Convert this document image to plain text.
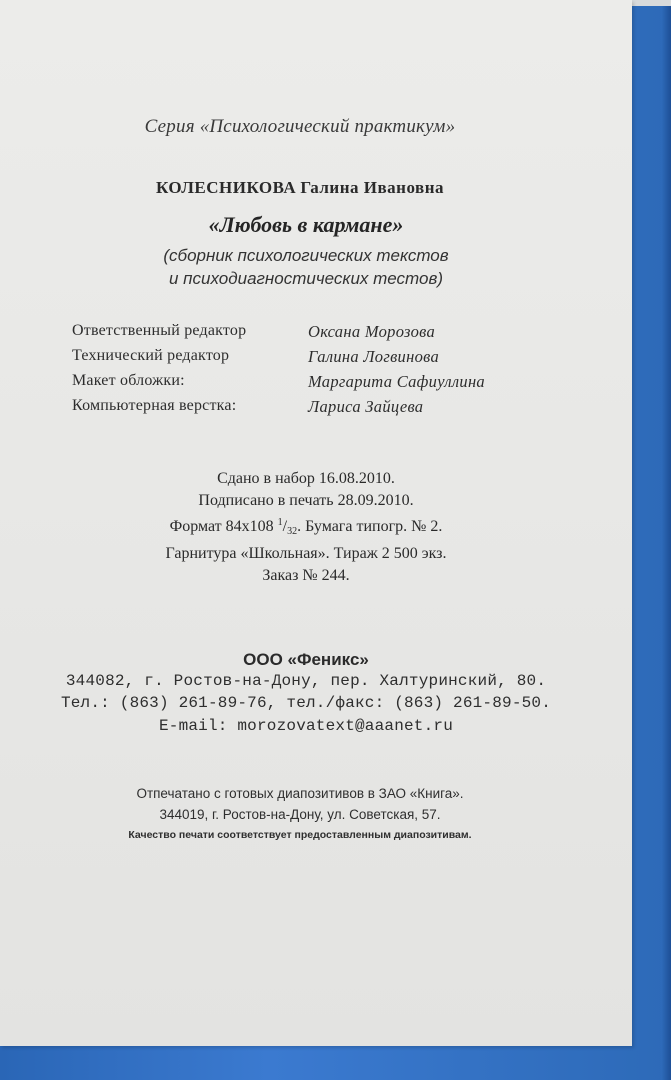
Серия «Психологический практикум»
КОЛЕСНИКОВА Галина Ивановна
«Любовь в кармане»
(сборник психологических текстов
и психодиагностических тестов)
Ответственный редактор	Оксана Морозова
Технический редактор	Галина Логвинова
Макет обложки:	Маргарита Сафиуллина
Компьютерная верстка:	Лариса Зайцева
Сдано в набор 16.08.2010.
Подписано в печать 28.09.2010.
Формат 84х108 $^1/_{32}$. Бумага типогр. № 2.
Гарнитура «Школьная». Тираж 2 500 экз.
Заказ № 244.
ООО «Феникс»
344082, г. Ростов-на-Дону, пер. Халтуринский, 80.
Тел.: (863) 261-89-76, тел./факс: (863) 261-89-50.
E-mail: morozovatext@aaanet.ru
Отпечатано с готовых диапозитивов в ЗАО «Книга».
344019, г. Ростов-на-Дону, ул. Советская, 57.
Качество печати соответствует предоставленным диапозитивам.
